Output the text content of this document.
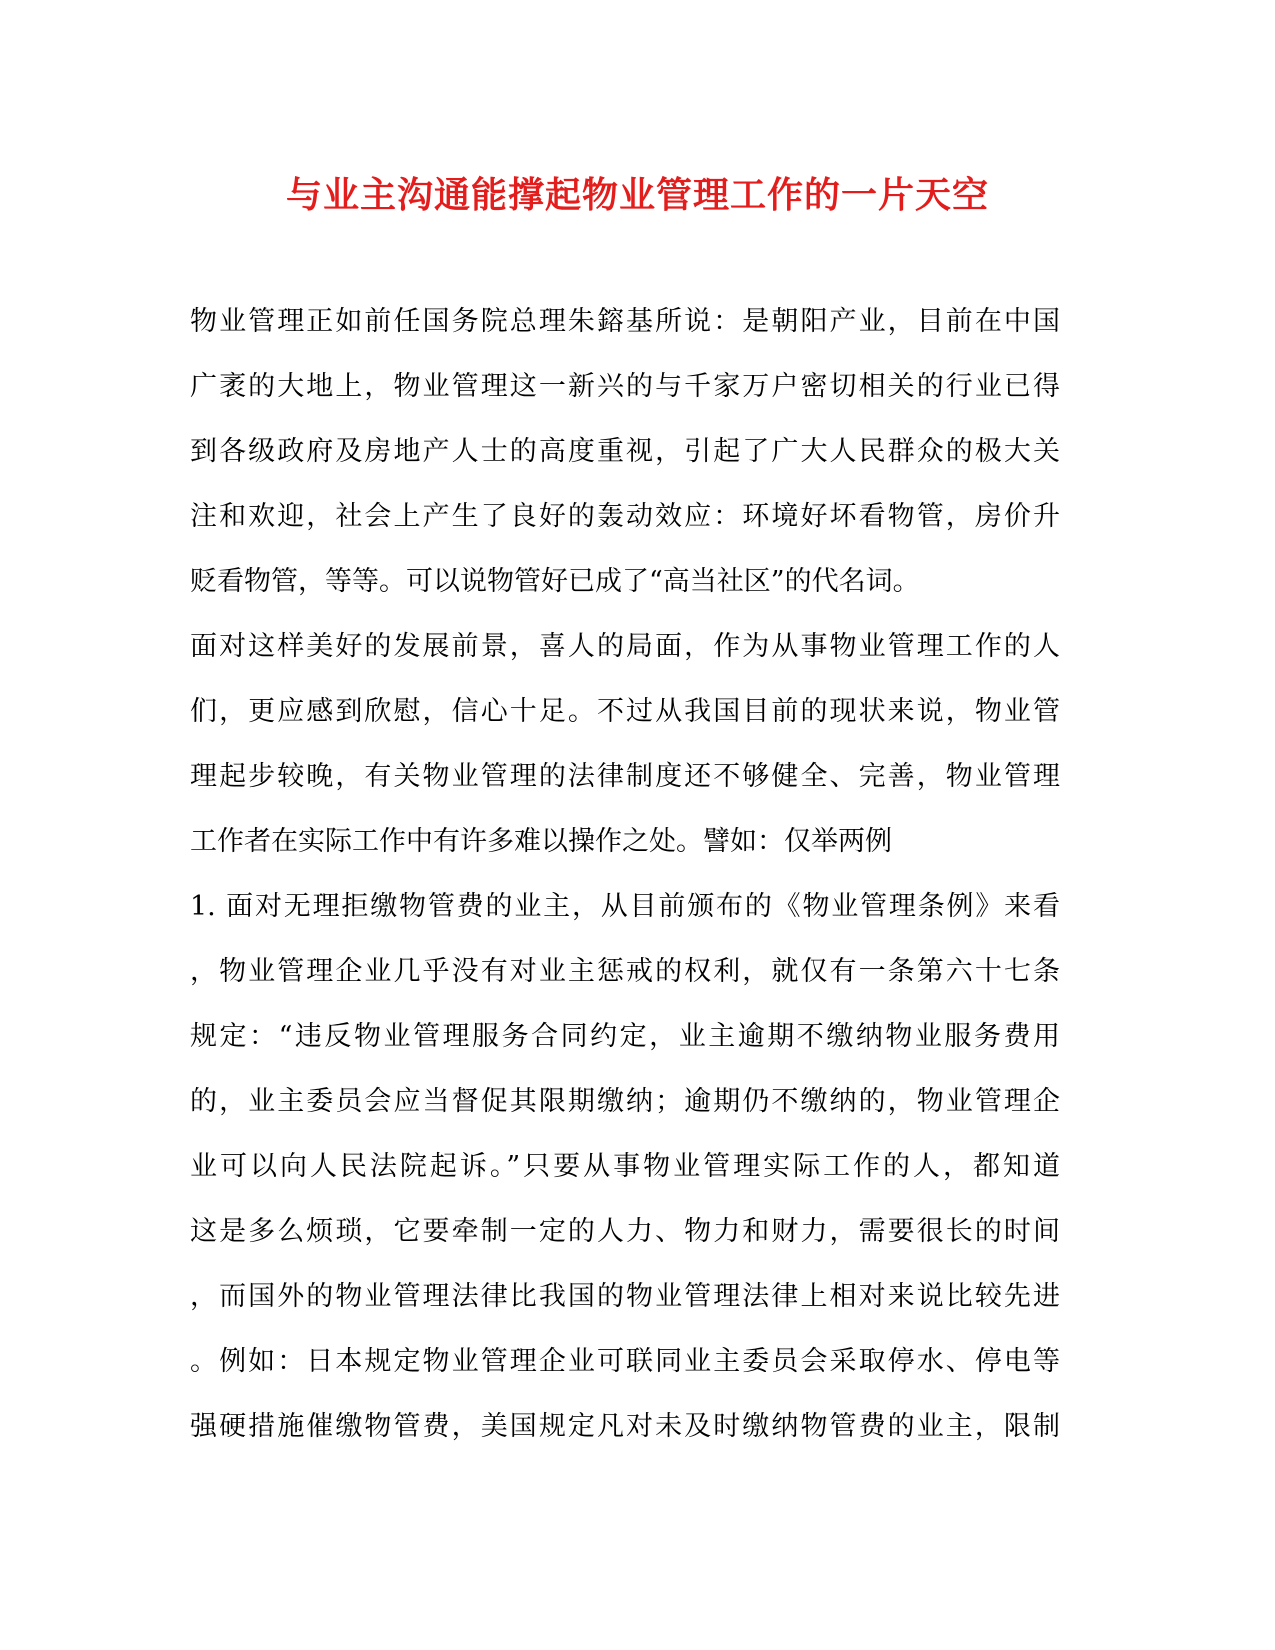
与业主沟通能撑起物业管理工作的一片天空
物业管理正如前任国务院总理朱鎔基所说：是朝阳产业，目前在中国
广袤的大地上，物业管理这一新兴的与千家万户密切相关的行业已得
到各级政府及房地产人士的高度重视，引起了广大人民群众的极大关
注和欢迎，社会上产生了良好的轰动效应：环境好坏看物管，房价升
贬看物管，等等。可以说物管好已成了“高当社区”的代名词。
面对这样美好的发展前景，喜人的局面，作为从事物业管理工作的人
们，更应感到欣慰，信心十足。不过从我国目前的现状来说，物业管
理起步较晚，有关物业管理的法律制度还不够健全、完善，物业管理
工作者在实际工作中有许多难以操作之处。譬如：仅举两例
1. 面对无理拒缴物管费的业主，从目前颁布的《物业管理条例》来看
，物业管理企业几乎没有对业主惩戒的权利，就仅有一条第六十七条
规定：“违反物业管理服务合同约定，业主逾期不缴纳物业服务费用
的，业主委员会应当督促其限期缴纳；逾期仍不缴纳的，物业管理企
业可以向人民法院起诉。”只要从事物业管理实际工作的人，都知道
这是多么烦琐，它要牵制一定的人力、物力和财力，需要很长的时间
，而国外的物业管理法律比我国的物业管理法律上相对来说比较先进
。例如：日本规定物业管理企业可联同业主委员会采取停水、停电等
强硬措施催缴物管费，美国规定凡对未及时缴纳物管费的业主，限制
